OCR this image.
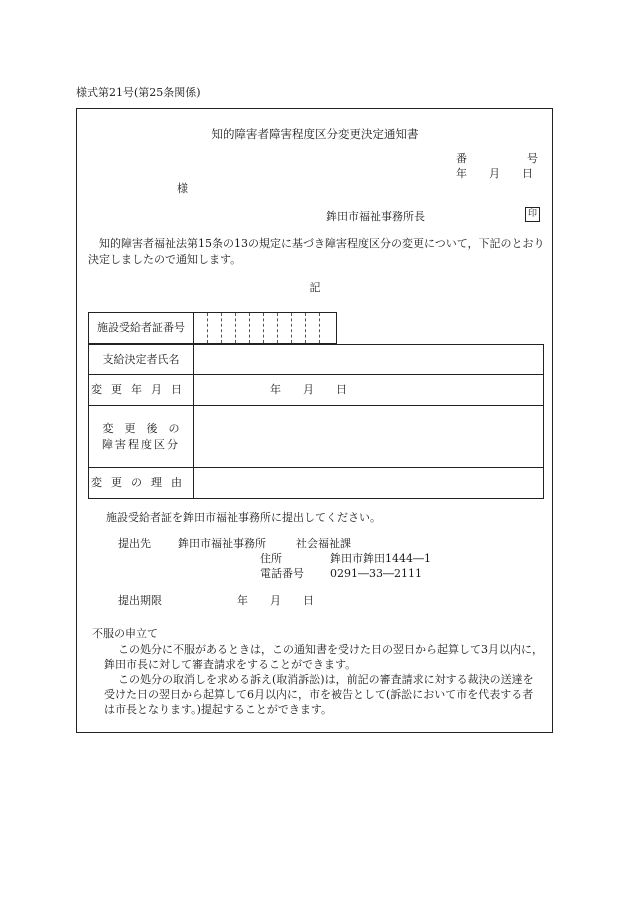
様式第21号(第25条関係)
知的障害者障害程度区分変更決定通知書
番	号
年　　月　　日
様
鉾田市福祉事務所長	印
　知的障害者福祉法第15条の13の規定に基づき障害程度区分の変更について，下記のとおり決定しましたので通知します。
記
施設受給者証番号	
支給決定者氏名	
変更年月日	年　　月　　日

変　更　後　の
障害程度区分	

変更の理由	
施設受給者証を鉾田市福祉事務所に提出してください。
提出先 鉾田市福祉事務所	社会福祉課
住所	鉾田市鉾田1444―1
電話番号 0291―33―2111
提出期限	年　　月　　日
不服の申立て
この処分に不服があるときは，この通知書を受けた日の翌日から起算して3月以内に，鉾田市長に対して審査請求をすることができます。
この処分の取消しを求める訴え(取消訴訟)は，前記の審査請求に対する裁決の送達を受けた日の翌日から起算して6月以内に，市を被告として(訴訟において市を代表する者は市長となります。)提起することができます。
